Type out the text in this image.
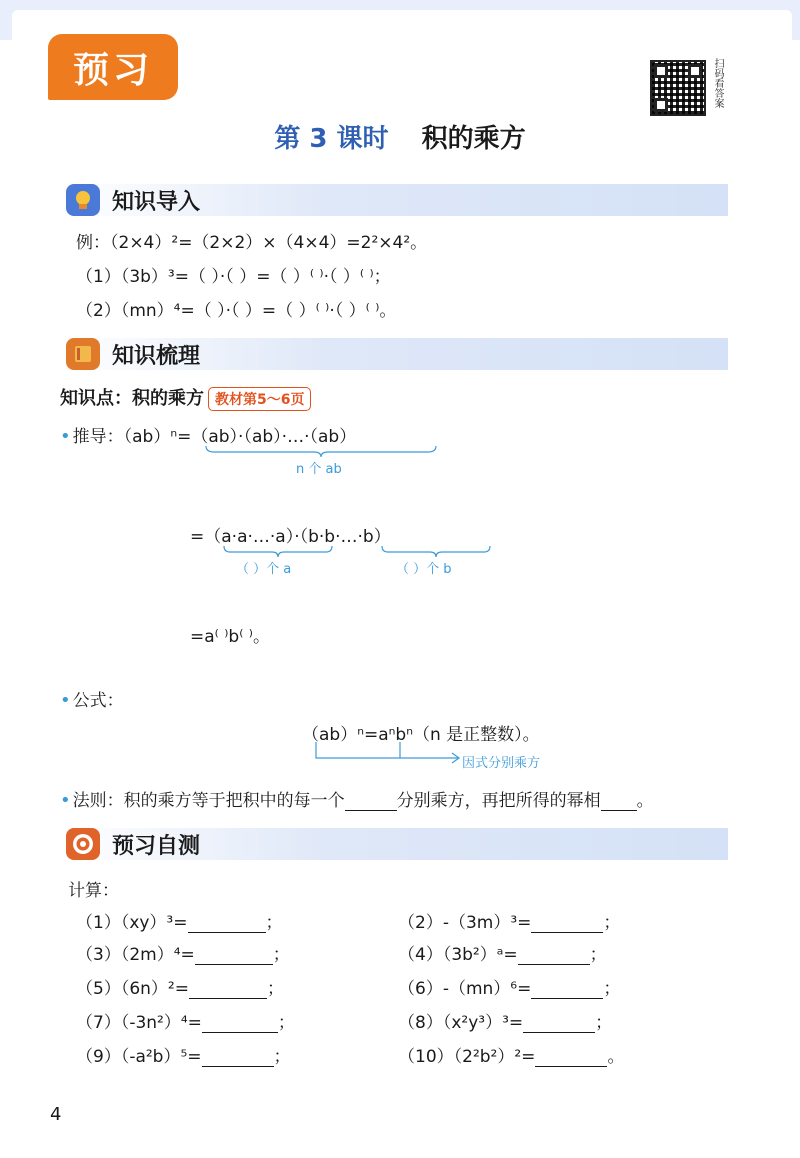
预习	扫码看答案
第 3 课时 积的乘方
知识导入
例：（2×4）²=（2×2）×（4×4）=2²×4²。
（1）（3b）³=（ ）·（ ）=（ ）⁽ ⁾·（ ）⁽ ⁾；
（2）（mn）⁴=（ ）·（ ）=（ ）⁽ ⁾·（ ）⁽ ⁾。
知识梳理
知识点：积的乘方 教材第5～6页
• 推导：（ab）ⁿ=（ab）·（ab）·…·（ab）
n 个 ab
=（a·a·…·a）·（b·b·…·b）
（ ）个 a	（ ）个 b
=a⁽ ⁾b⁽ ⁾。
• 公式：
（ab）ⁿ=aⁿbⁿ（n 是正整数）。
因式分别乘方
• 法则：积的乘方等于把积中的每一个	分别乘方，再把所得的幂相 。
预习自测
计算：
（1）（xy）³=	；	（2）-（3m）³=	；
（3）（2m）⁴=	；	（4）（3b²）ᵃ=	；
（5）（6n）²=	；	（6）-（mn）⁶=	；
（7）（-3n²）⁴=	；	（8）（x²y³）³=	；
（9）（-a²b）⁵=	；	（10）（2²b²）²=	。
4
